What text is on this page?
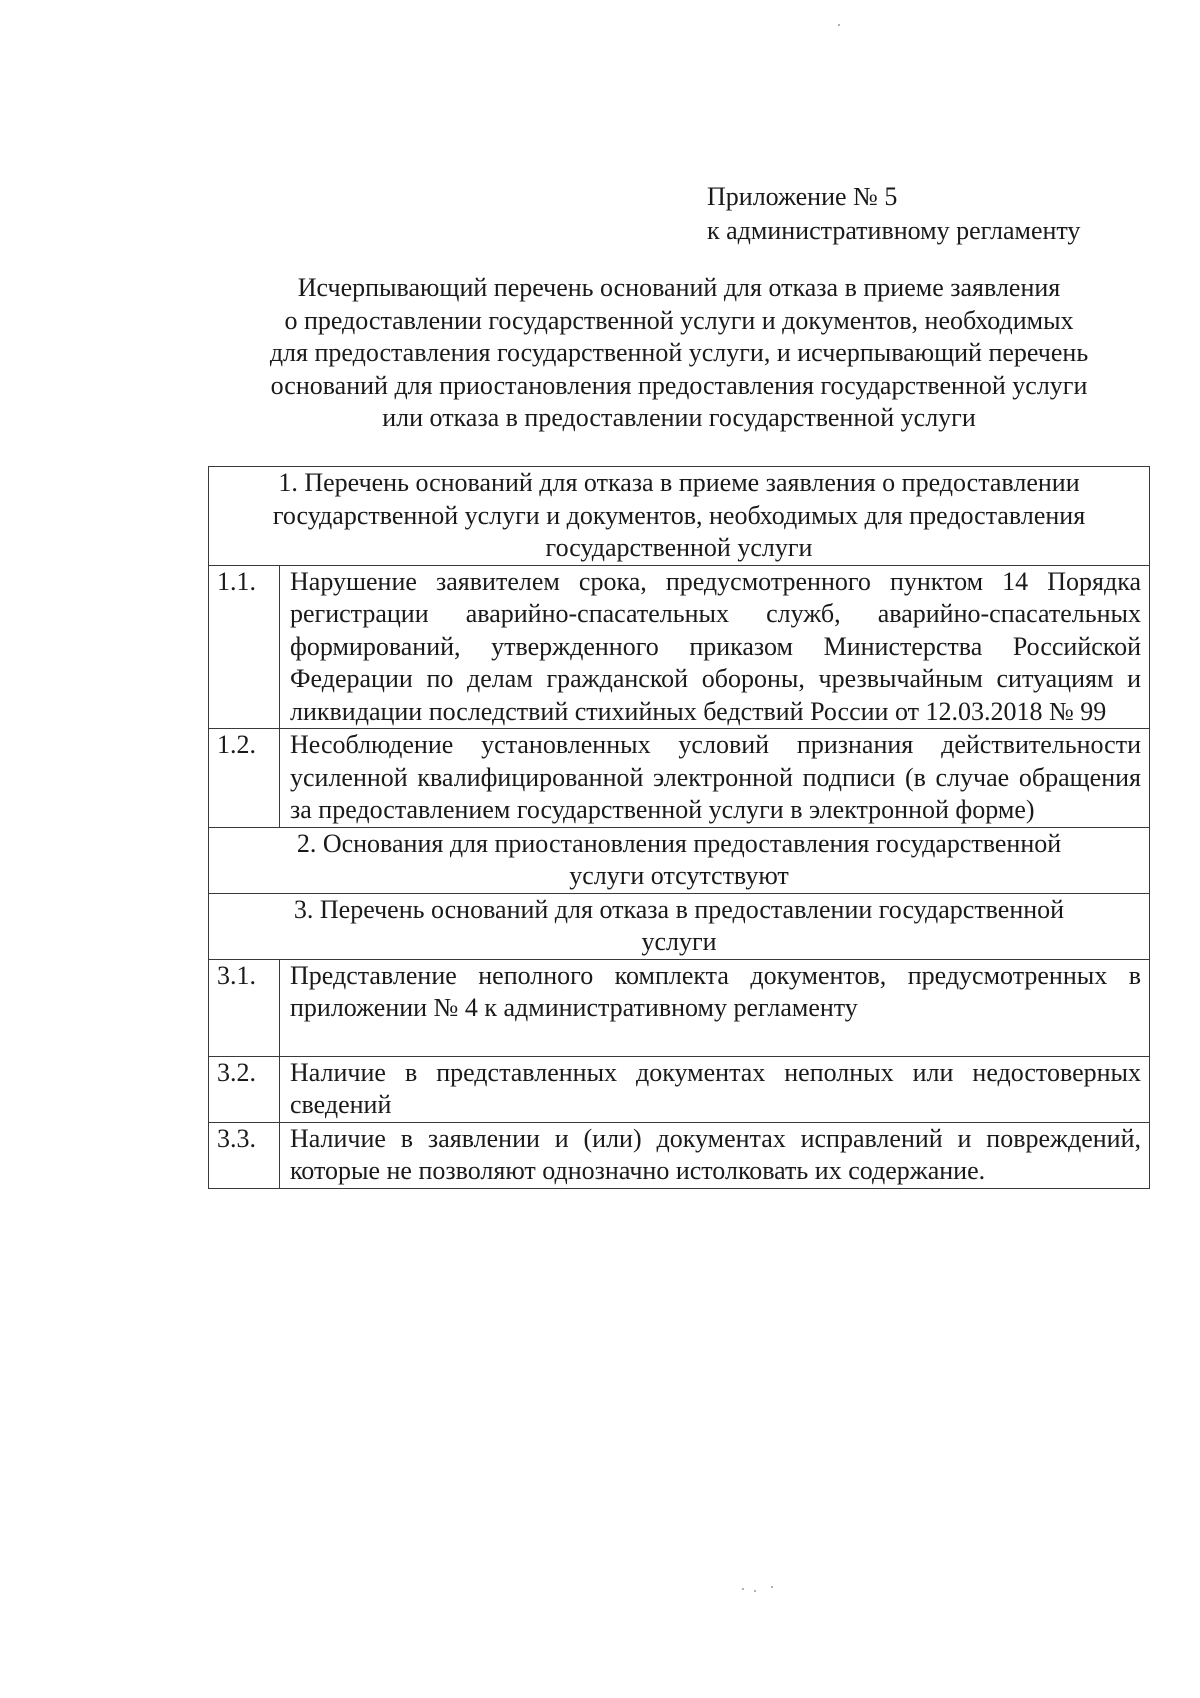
Приложение № 5
к административному регламенту
Исчерпывающий перечень оснований для отказа в приеме заявления
о предоставлении государственной услуги и документов, необходимых
для предоставления государственной услуги, и исчерпывающий перечень
оснований для приостановления предоставления государственной услуги
или отказа в предоставлении государственной услуги
1. Перечень оснований для отказа в приеме заявления о предоставлении
государственной услуги и документов, необходимых для предоставления
государственной услуги	

1.1.	Нарушение заявителем срока, предусмотренного пунктом 14 Порядка регистрации аварийно-спасательных служб, аварийно-спасательных формирований, утвержденного приказом Министерства Российской Федерации по делам гражданской обороны, чрезвычайным ситуациям и ликвидации последствий стихийных бедствий России от 12.03.2018 № 99
1.2.	Несоблюдение установленных условий признания действительности усиленной квалифицированной электронной подписи (в случае обращения за предоставлением государственной услуги в электронной форме)

2. Основания для приостановления предоставления государственной
услуги отсутствуют	

3. Перечень оснований для отказа в предоставлении государственной
услуги	

3.1.	Представление неполного комплекта документов, предусмотренных в приложении № 4 к административному регламенту
3.2.	Наличие в представленных документах неполных или недостоверных сведений
3.3.	Наличие в заявлении и (или) документах исправлений и повреждений, которые не позволяют однозначно истолковать их содержание.
